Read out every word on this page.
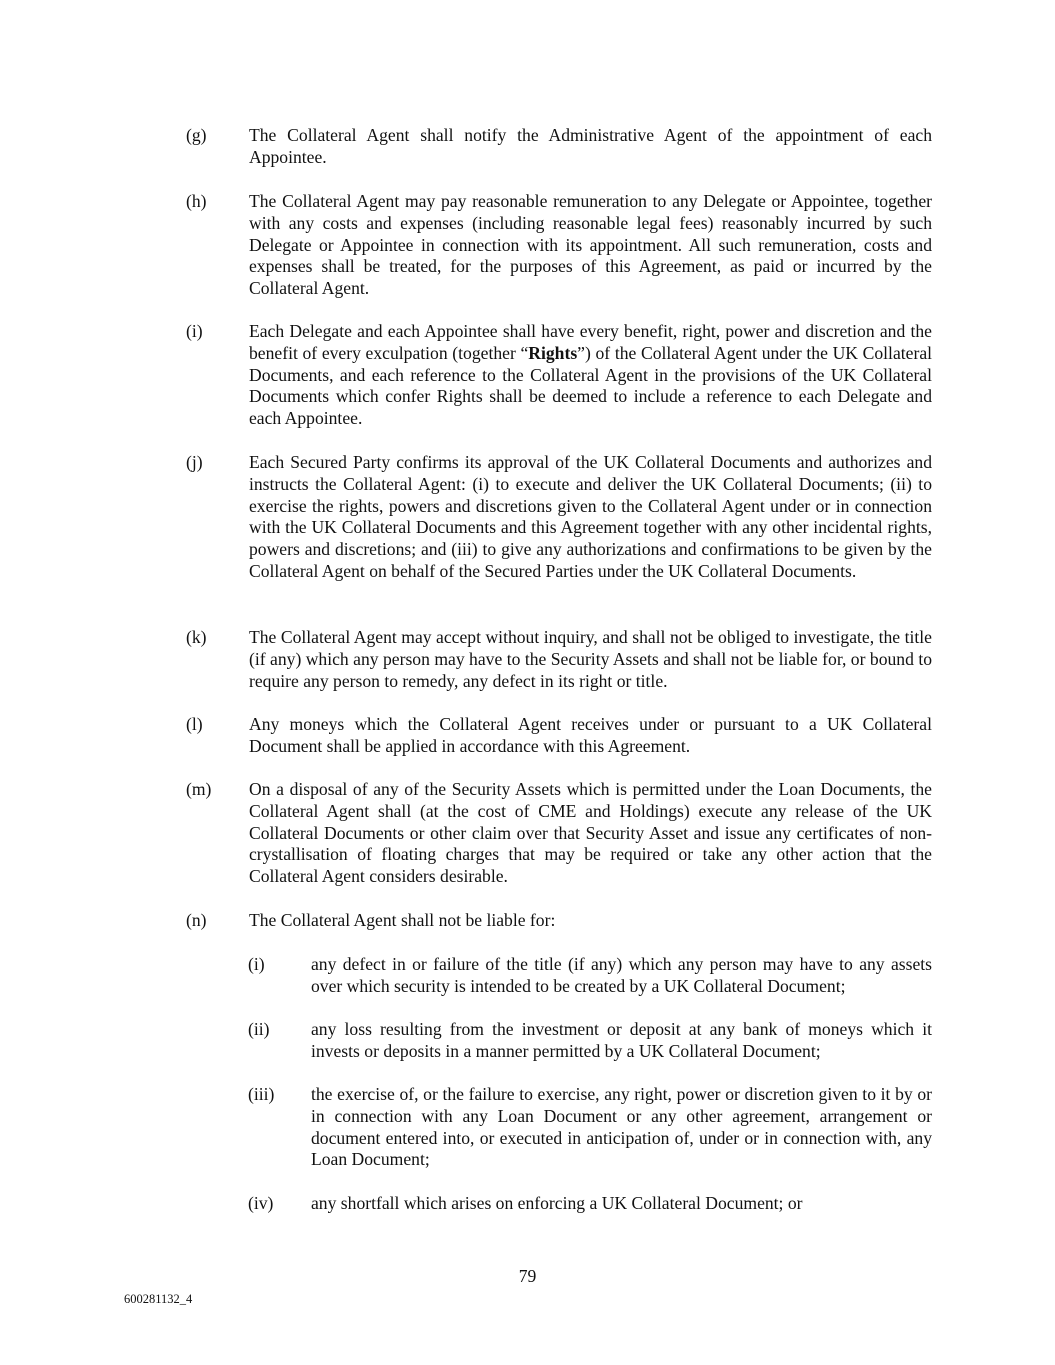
(g) The Collateral Agent shall notify the Administrative Agent of the appointment of each Appointee.
(h) The Collateral Agent may pay reasonable remuneration to any Delegate or Appointee, together with any costs and expenses (including reasonable legal fees) reasonably incurred by such Delegate or Appointee in connection with its appointment. All such remuneration, costs and expenses shall be treated, for the purposes of this Agreement, as paid or incurred by the Collateral Agent.
(i)	Each Delegate and each Appointee shall have every benefit, right, power and discretion and the benefit of every exculpation (together “Rights”) of the Collateral Agent under the UK Collateral Documents, and each reference to the Collateral Agent in the provisions of the UK Collateral Documents which confer Rights shall be deemed to include a reference to each Delegate and each Appointee.
(j)	Each Secured Party confirms its approval of the UK Collateral Documents and authorizes and instructs the Collateral Agent: (i) to execute and deliver the UK Collateral Documents; (ii) to exercise the rights, powers and discretions given to the Collateral Agent under or in connection with the UK Collateral Documents and this Agreement together with any other incidental rights, powers and discretions; and (iii) to give any authorizations and confirmations to be given by the Collateral Agent on behalf of the Secured Parties under the UK Collateral Documents.
(k) The Collateral Agent may accept without inquiry, and shall not be obliged to investigate, the title (if any) which any person may have to the Security Assets and shall not be liable for, or bound to require any person to remedy, any defect in its right or title.
(l)	Any moneys which the Collateral Agent receives under or pursuant to a UK Collateral Document shall be applied in accordance with this Agreement.
(m) On a disposal of any of the Security Assets which is permitted under the Loan Documents, the Collateral Agent shall (at the cost of CME and Holdings) execute any release of the UK Collateral Documents or other claim over that Security Asset and issue any certificates of non-crystallisation of floating charges that may be required or take any other action that the Collateral Agent considers desirable.
(n) The Collateral Agent shall not be liable for:
(i)	any defect in or failure of the title (if any) which any person may have to any assets over which security is intended to be created by a UK Collateral Document;
(ii) any loss resulting from the investment or deposit at any bank of moneys which it invests or deposits in a manner permitted by a UK Collateral Document;
(iii) the exercise of, or the failure to exercise, any right, power or discretion given to it by or in connection with any Loan Document or any other agreement, arrangement or document entered into, or executed in anticipation of, under or in connection with, any Loan Document;
(iv) any shortfall which arises on enforcing a UK Collateral Document; or
79
600281132_4
